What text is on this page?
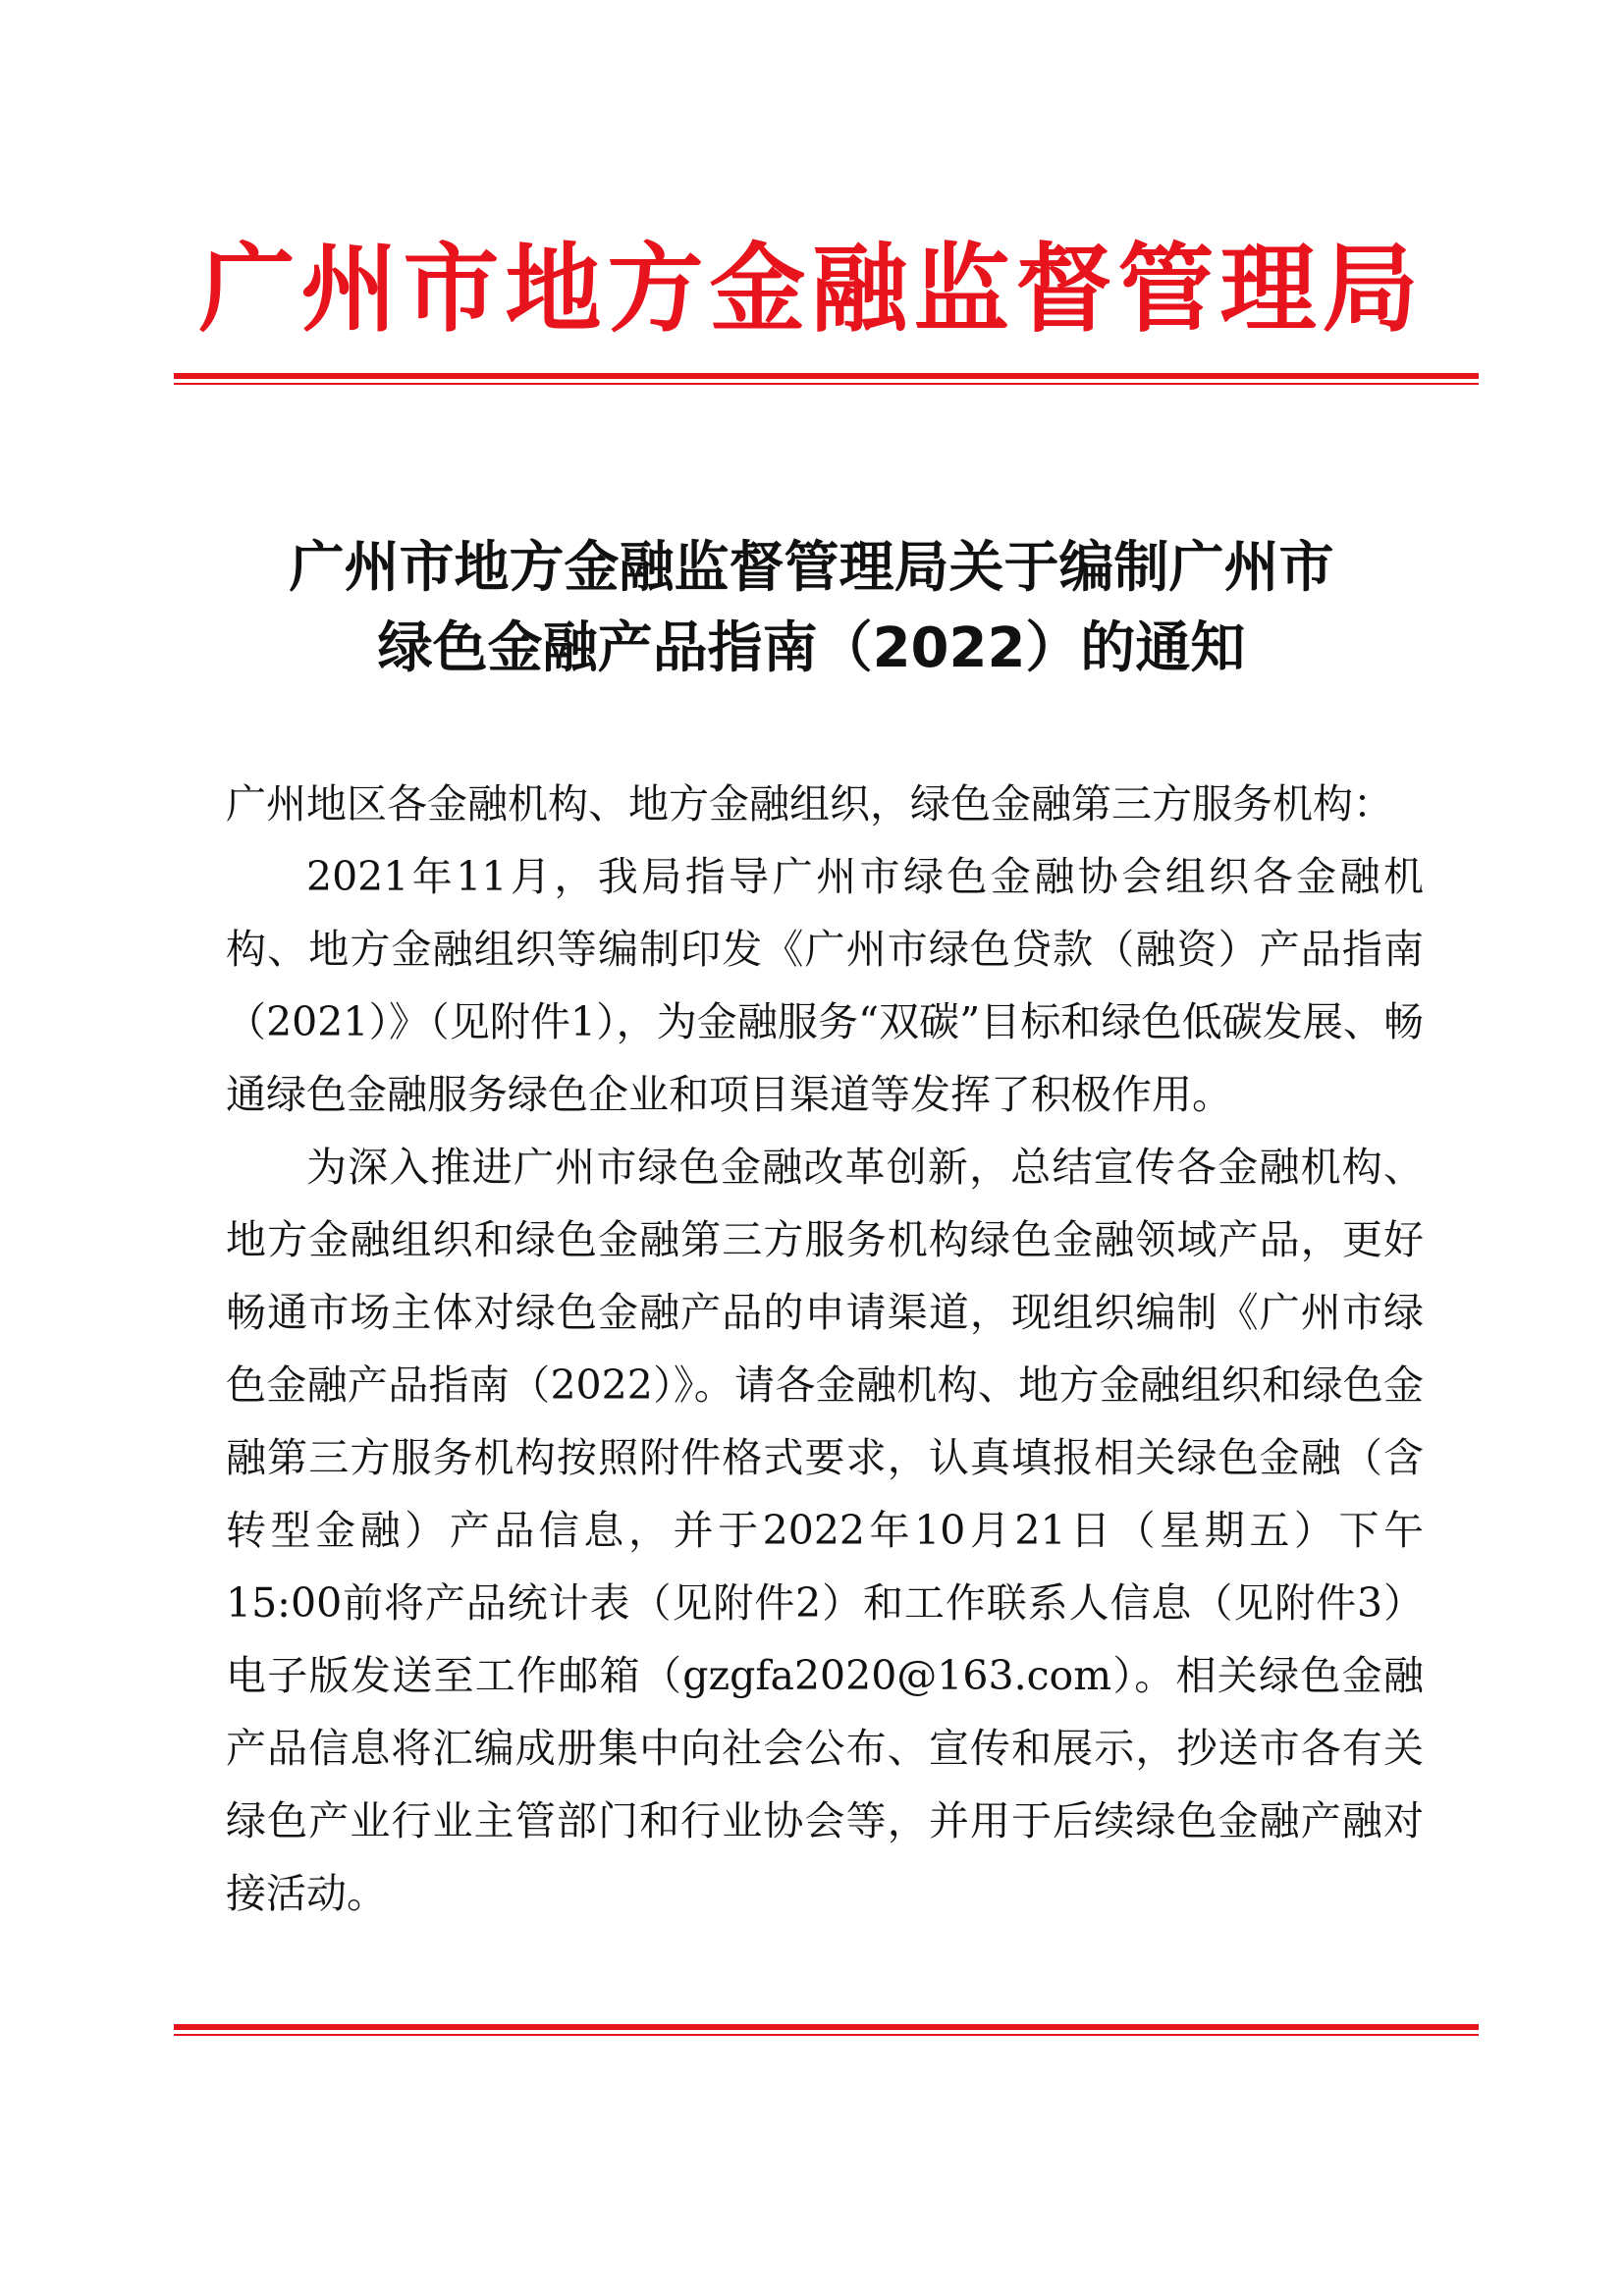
广州市地方金融监督管理局
广州市地方金融监督管理局关于编制广州市
绿色金融产品指南（2022）的通知

广州地区各金融机构、地方金融组织，绿色金融第三方服务机构：

2021年11月，我局指导广州市绿色金融协会组织各金融机构、地方金融组织等编制印发《广州市绿色贷款（融资）产品指南（2021）》（见附件1），为金融服务“双碳”目标和绿色低碳发展、畅通绿色金融服务绿色企业和项目渠道等发挥了积极作用。

为深入推进广州市绿色金融改革创新，总结宣传各金融机构、地方金融组织和绿色金融第三方服务机构绿色金融领域产品，更好畅通市场主体对绿色金融产品的申请渠道，现组织编制《广州市绿色金融产品指南（2022）》。请各金融机构、地方金融组织和绿色金融第三方服务机构按照附件格式要求，认真填报相关绿色金融（含转型金融）产品信息，并于2022年10月21日（星期五）下午15:00前将产品统计表（见附件2）和工作联系人信息（见附件3）电子版发送至工作邮箱（gzgfa2020@163.com）。相关绿色金融产品信息将汇编成册集中向社会公布、宣传和展示，抄送市各有关绿色产业行业主管部门和行业协会等，并用于后续绿色金融产融对接活动。
